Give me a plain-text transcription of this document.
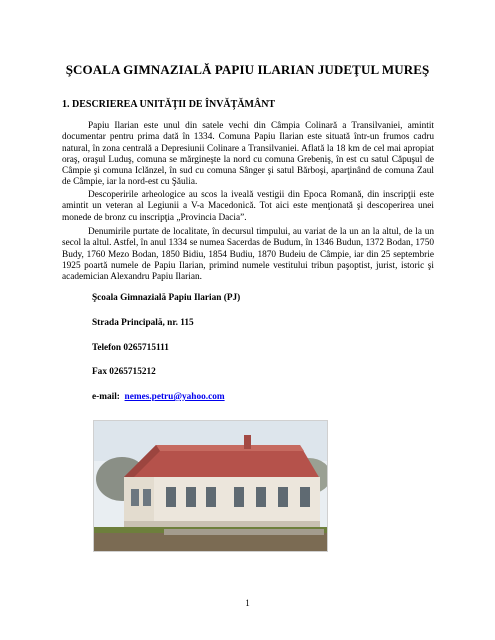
ŞCOALA GIMNAZIALĂ PAPIU ILARIAN JUDEŢUL MUREŞ
1. DESCRIEREA UNITĂŢII DE ÎNVĂŢĂMÂNT

Papiu Ilarian este unul din satele vechi din Câmpia Colinară a Transilvaniei, amintit documentar pentru prima dată în 1334. Comuna Papiu Ilarian este situată într-un frumos cadru natural, în zona centrală a Depresiunii Colinare a Transilvaniei. Aflată la 18 km de cel mai apropiat oraş, oraşul Luduş, comuna se mărgineşte la nord cu comuna Grebeniş, în est cu satul Căpuşul de Câmpie şi comuna Iclănzel, în sud cu comuna Sânger şi satul Bărboşi, aparţinând de comuna Zaul de Câmpie, iar la nord-est cu Şăulia.

Descoperirile arheologice au scos la iveală vestigii din Epoca Romană, din inscripţii este amintit un veteran al Legiunii a V-a Macedonică. Tot aici este menţionată şi descoperirea unei monede de bronz cu inscripţia „Provincia Dacia”.

Denumirile purtate de localitate, în decursul timpului, au variat de la un an la altul, de la un secol la altul. Astfel, în anul 1334 se numea Sacerdas de Budum, în 1346 Budun, 1372 Bodan, 1750 Budy, 1760 Mezo Bodan, 1850 Bidiu, 1854 Budiu, 1870 Budeiu de Câmpie, iar din 25 septembrie 1925 poartă numele de Papiu Ilarian, primind numele vestitului tribun paşoptist, jurist, istoric şi academician Alexandru Papiu Ilarian.

Şcoala Gimnazială Papiu Ilarian (PJ)
Strada Principală, nr. 115
Telefon 0265715111
Fax 0265715212
e-mail: nemes.petru@yahoo.com
1
